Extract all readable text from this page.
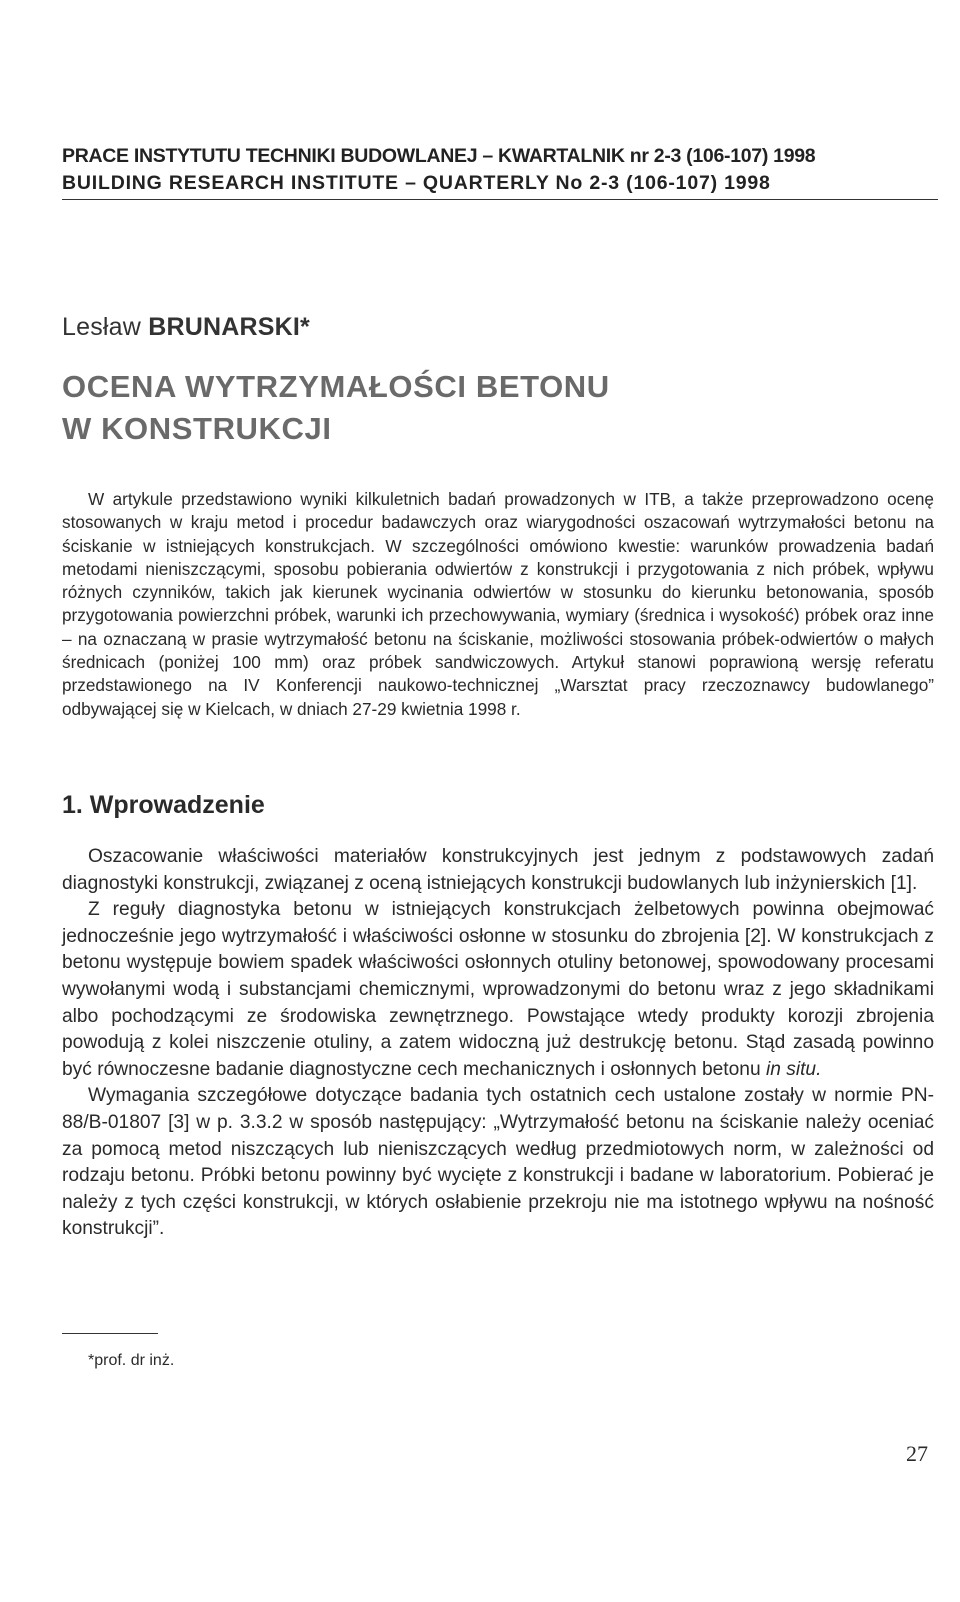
PRACE INSTYTUTU TECHNIKI BUDOWLANEJ – KWARTALNIK nr 2-3 (106-107) 1998
BUILDING RESEARCH INSTITUTE – QUARTERLY No 2-3 (106-107) 1998
Lesław BRUNARSKI*
OCENA WYTRZYMAŁOŚCI BETONU
W KONSTRUKCJI
W artykule przedstawiono wyniki kilkuletnich badań prowadzonych w ITB, a także przeprowadzono ocenę stosowanych w kraju metod i procedur badawczych oraz wiarygodności oszacowań wytrzymałości betonu na ściskanie w istniejących konstrukcjach. W szczególności omówiono kwestie: warunków prowadzenia badań metodami nieniszczącymi, sposobu pobierania odwiertów z konstrukcji i przygotowania z nich próbek, wpływu różnych czynników, takich jak kierunek wycinania odwiertów w stosunku do kierunku betonowania, sposób przygotowania powierzchni próbek, warunki ich przechowywania, wymiary (średnica i wysokość) próbek oraz inne – na oznaczaną w prasie wytrzymałość betonu na ściskanie, możliwości stosowania próbek-odwiertów o małych średnicach (poniżej 100 mm) oraz próbek sandwiczowych. Artykuł stanowi poprawioną wersję referatu przedstawionego na IV Konferencji naukowo-technicznej „Warsztat pracy rzeczoznawcy budowlanego” odbywającej się w Kielcach, w dniach 27-29 kwietnia 1998 r.
1. Wprowadzenie

Oszacowanie właściwości materiałów konstrukcyjnych jest jednym z podstawowych zadań diagnostyki konstrukcji, związanej z oceną istniejących konstrukcji budowlanych lub inżynierskich [1].

Z reguły diagnostyka betonu w istniejących konstrukcjach żelbetowych powinna obejmować jednocześnie jego wytrzymałość i właściwości osłonne w stosunku do zbrojenia [2]. W konstrukcjach z betonu występuje bowiem spadek właściwości osłonnych otuliny betonowej, spowodowany procesami wywołanymi wodą i substancjami chemicznymi, wprowadzonymi do betonu wraz z jego składnikami albo pochodzącymi ze środowiska zewnętrznego. Powstające wtedy produkty korozji zbrojenia powodują z kolei niszczenie otuliny, a zatem widoczną już destrukcję betonu. Stąd zasadą powinno być równoczesne badanie diagnostyczne cech mechanicznych i osłonnych betonu in situ.

Wymagania szczegółowe dotyczące badania tych ostatnich cech ustalone zostały w normie PN-88/B-01807 [3] w p. 3.3.2 w sposób następujący: „Wytrzymałość betonu na ściskanie należy oceniać za pomocą metod niszczących lub nieniszczących według przedmiotowych norm, w zależności od rodzaju betonu. Próbki betonu powinny być wycięte z konstrukcji i badane w laboratorium. Pobierać je należy z tych części konstrukcji, w których osłabienie przekroju nie ma istotnego wpływu na nośność konstrukcji”.

*prof. dr inż.
27
